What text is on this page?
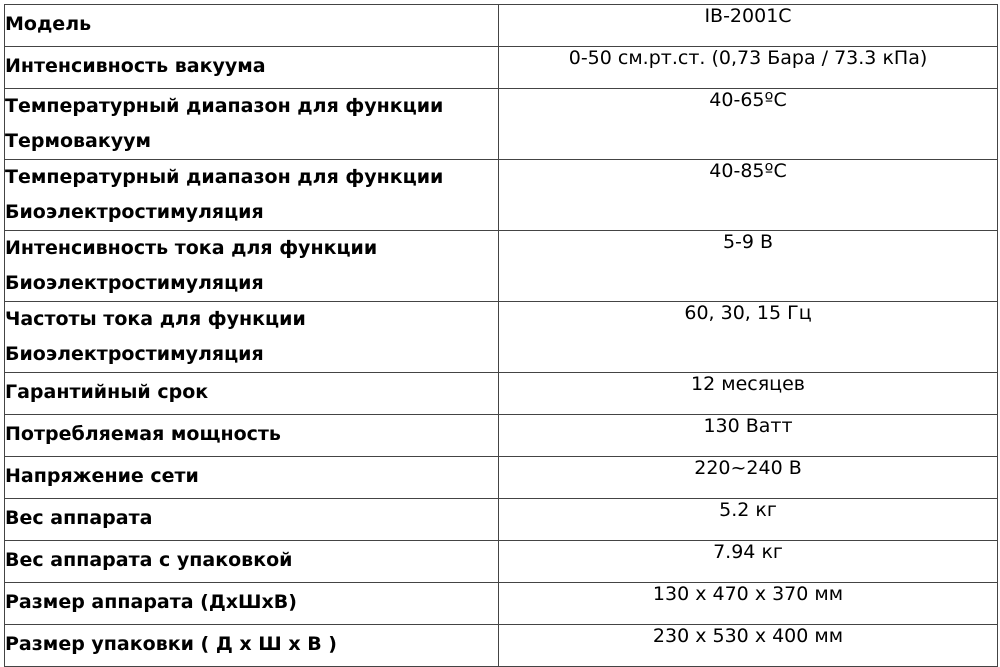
Модель	IB-2001C
Интенсивность вакуума	0-50 см.рт.ст. (0,73 Бара / 73.3 кПа)

Температурный диапазон для функции
Термовакуум	40-65ºC

Температурный диапазон для функции
Биоэлектростимуляция	40-85ºC

Интенсивность тока для функции
Биоэлектростимуляция	5-9 В

Частоты тока для функции
Биоэлектростимуляция	60, 30, 15 Гц
Гарантийный срок	12 месяцев
Потребляемая мощность	130 Ватт
Напряжение сети	220~240 В
Вес аппарата	5.2 кг
Вес аппарата с упаковкой	7.94 кг
Размер аппарата (ДхШхВ)	130 х 470 х 370 мм
Размер упаковки ( Д х Ш х В )	230 х 530 х 400 мм
